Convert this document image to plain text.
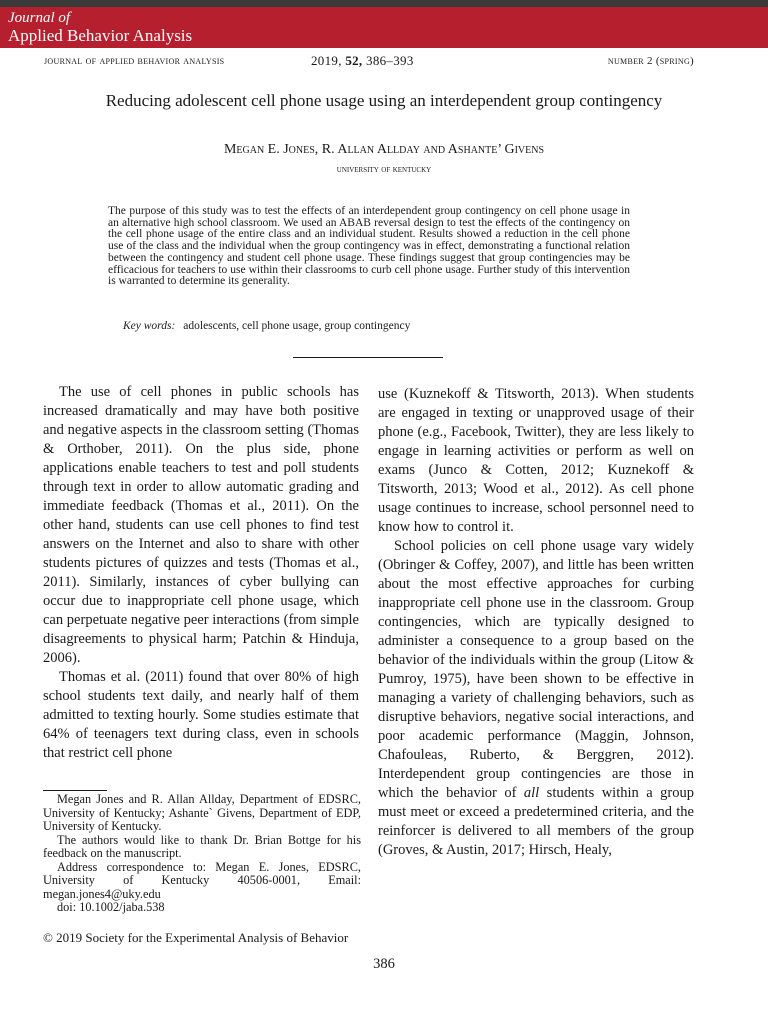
Journal of
Applied Behavior Analysis
journal of applied behavior analysis	2019, 52, 386–393	number 2 (spring)
Reducing adolescent cell phone usage using an interdependent group contingency
Megan E. Jones, R. Allan Allday and Ashante’ Givens
university of kentucky

The purpose of this study was to test the effects of an interdependent group contingency on cell phone usage in an alternative high school classroom. We used an ABAB reversal design to test the effects of the contingency on the cell phone usage of the entire class and an individual student. Results showed a reduction in the cell phone use of the class and the individual when the group contingency was in effect, demonstrating a functional relation between the contingency and student cell phone usage. These findings suggest that group contingencies may be efficacious for teachers to use within their classrooms to curb cell phone usage. Further study of this intervention is warranted to determine its generality.

Key words: adolescents, cell phone usage, group contingency

The use of cell phones in public schools has increased dramatically and may have both positive and negative aspects in the classroom setting (Thomas & Orthober, 2011). On the plus side, phone applications enable teachers to test and poll students through text in order to allow automatic grading and immediate feedback (Thomas et al., 2011). On the other hand, students can use cell phones to find test answers on the Internet and also to share with other students pictures of quizzes and tests (Thomas et al., 2011). Similarly, instances of cyber bullying can occur due to inappropriate cell phone usage, which can perpetuate negative peer interactions (from simple disagreements to physical harm; Patchin & Hinduja, 2006).

Thomas et al. (2011) found that over 80% of high school students text daily, and nearly half of them admitted to texting hourly. Some studies estimate that 64% of teenagers text during class, even in schools that restrict cell phone

use (Kuznekoff & Titsworth, 2013). When students are engaged in texting or unapproved usage of their phone (e.g., Facebook, Twitter), they are less likely to engage in learning activities or perform as well on exams (Junco & Cotten, 2012; Kuznekoff & Titsworth, 2013; Wood et al., 2012). As cell phone usage continues to increase, school personnel need to know how to control it.

School policies on cell phone usage vary widely (Obringer & Coffey, 2007), and little has been written about the most effective approaches for curbing inappropriate cell phone use in the classroom. Group contingencies, which are typically designed to administer a consequence to a group based on the behavior of the individuals within the group (Litow & Pumroy, 1975), have been shown to be effective in managing a variety of challenging behaviors, such as disruptive behaviors, negative social interactions, and poor academic performance (Maggin, Johnson, Chafouleas, Ruberto, & Berggren, 2012). Interdependent group contingencies are those in which the behavior of all students within a group must meet or exceed a predetermined criteria, and the reinforcer is delivered to all members of the group (Groves, & Austin, 2017; Hirsch, Healy,

Megan Jones and R. Allan Allday, Department of EDSRC, University of Kentucky; Ashante` Givens, Department of EDP, University of Kentucky.

The authors would like to thank Dr. Brian Bottge for his feedback on the manuscript.

Address correspondence to: Megan E. Jones, EDSRC, University of Kentucky 40506-0001, Email: megan.jones4@uky.edu

doi: 10.1002/jaba.538

© 2019 Society for the Experimental Analysis of Behavior
386
